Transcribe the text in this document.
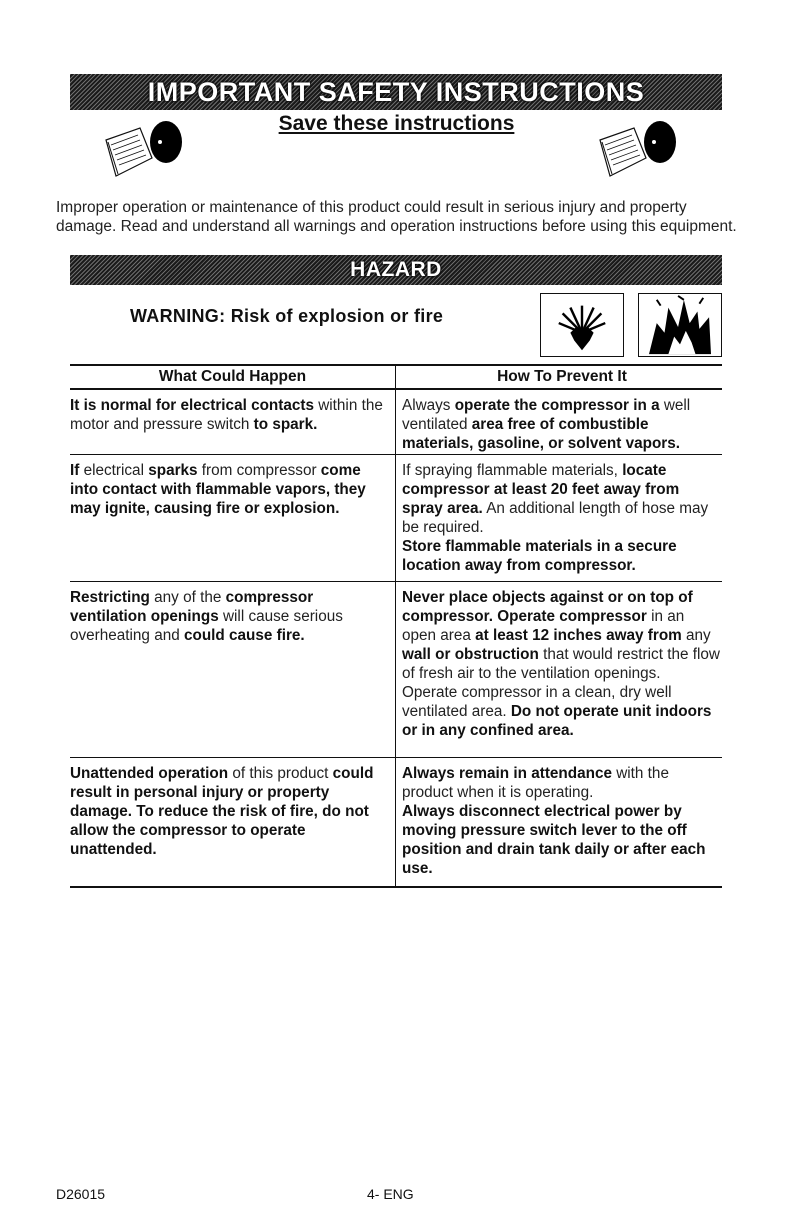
IMPORTANT SAFETY INSTRUCTIONS
Save these instructions

Improper operation or maintenance of this product could result in serious injury and property damage. Read and understand all warnings and operation instructions before using this equipment.

HAZARD
WARNING: Risk of explosion or fire
What Could Happen	How To Prevent It

It is normal for electrical contacts within the motor and pressure switch to spark.

Always operate the compressor in a well ventilated area free of combustible materials, gasoline, or solvent vapors.

If electrical sparks from compressor come into contact with flammable vapors, they may ignite, causing fire or explosion.

If spraying flammable materials, locate compressor at least 20 feet away from spray area. An additional length of hose may be required.

Store flammable materials in a secure location away from compressor.

Restricting any of the compressor ventilation openings will cause serious overheating and could cause fire.

Never place objects against or on top of compressor. Operate compressor in an open area at least 12 inches away from any wall or obstruction that would restrict the flow of fresh air to the ventilation openings.

Operate compressor in a clean, dry well ventilated area. Do not operate unit indoors or in any confined area.

Unattended operation of this product could result in personal injury or property damage. To reduce the risk of fire, do not allow the compressor to operate unattended.

Always remain in attendance with the product when it is operating.

Always disconnect electrical power by moving pressure switch lever to the off position and drain tank daily or after each use.

D26015	4- ENG
